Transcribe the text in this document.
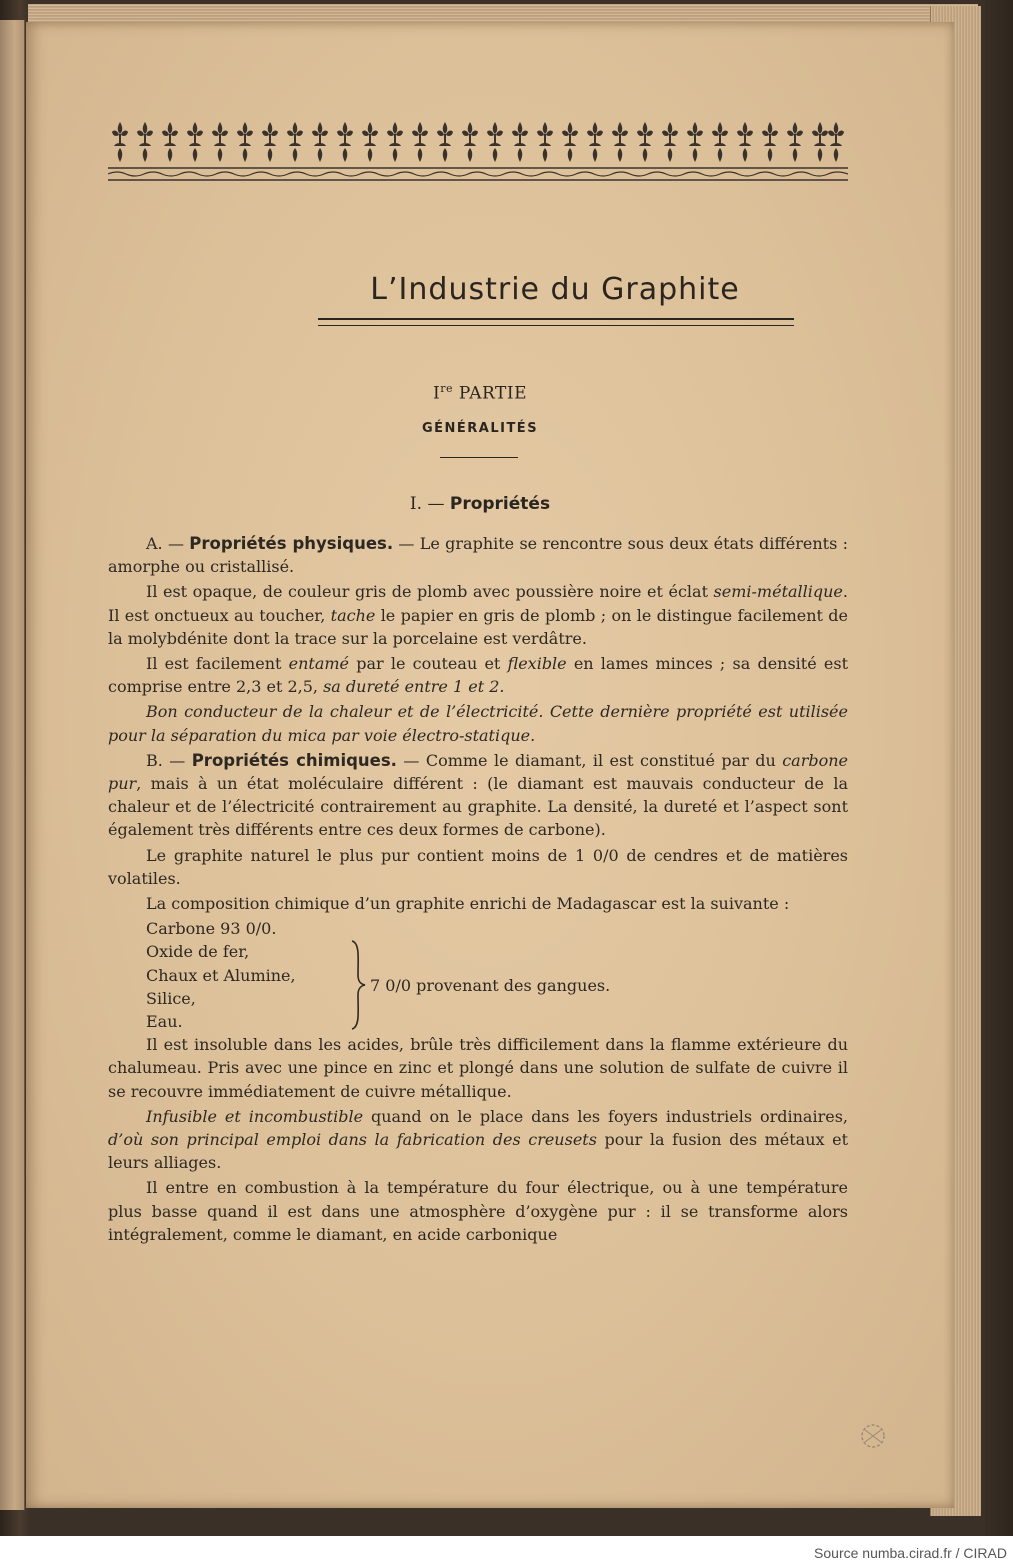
L’Industrie du Graphite
Ire PARTIE
GÉNÉRALITÉS
I. — Propriétés

A. — Propriétés physiques. — Le graphite se rencontre sous deux états différents : amorphe ou cristallisé.

Il est opaque, de couleur gris de plomb avec poussière noire et éclat semi-métallique. Il est onctueux au toucher, tache le papier en gris de plomb ; on le distingue facilement de la molybdénite dont la trace sur la porcelaine est verdâtre.

Il est facilement entamé par le couteau et flexible en lames minces ; sa densité est comprise entre 2,3 et 2,5, sa dureté entre 1 et 2.

Bon conducteur de la chaleur et de l’électricité. Cette dernière propriété est utilisée pour la séparation du mica par voie électro-statique.

B. — Propriétés chimiques. — Comme le diamant, il est constitué par du carbone pur, mais à un état moléculaire différent : (le diamant est mauvais conducteur de la chaleur et de l’électricité contrairement au graphite. La densité, la dureté et l’aspect sont également très différents entre ces deux formes de carbone).

Le graphite naturel le plus pur contient moins de 1 0/0 de cendres et de matières volatiles.

La composition chimique d’un graphite enrichi de Madagascar est la suivante :

Carbone 93 0/0.
Oxide de fer,
Chaux et Alumine,
Silice,
Eau.
7 0/0 provenant des gangues.

Il est insoluble dans les acides, brûle très difficilement dans la flamme extérieure du chalumeau. Pris avec une pince en zinc et plongé dans une solution de sulfate de cuivre il se recouvre immédiatement de cuivre métallique.

Infusible et incombustible quand on le place dans les foyers industriels ordinaires, d’où son principal emploi dans la fabrication des creusets pour la fusion des métaux et leurs alliages.

Il entre en combustion à la température du four électrique, ou à une température plus basse quand il est dans une atmosphère d’oxygène pur : il se transforme alors intégralement, comme le diamant, en acide carbonique

Source numba.cirad.fr / CIRAD
